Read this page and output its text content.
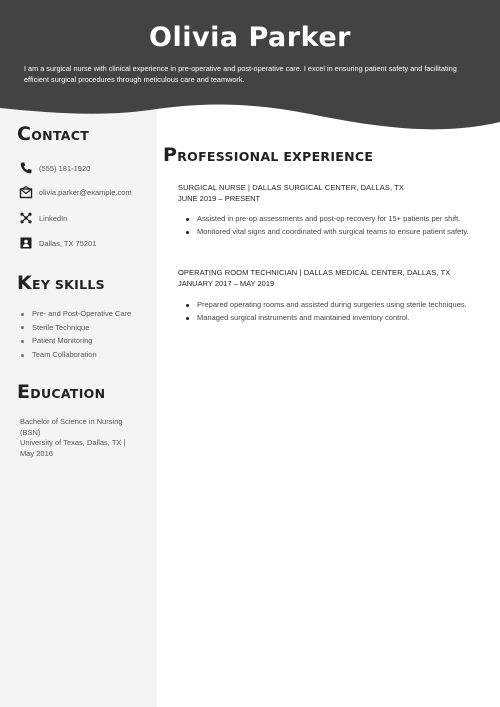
Olivia Parker
I am a surgical nurse with clinical experience in pre-operative and post-operative care. I excel in ensuring patient safety and facilitating efficient surgical procedures through meticulous care and teamwork.
CONTACT
(555) 181-1920
olivia.parker@example.com
LinkedIn
Dallas, TX 75201
KEY SKILLS
Pre- and Post-Operative Care
Sterile Technique
Patient Monitoring
Team Collaboration
EDUCATION
Bachelor of Science in Nursing (BSN)
University of Texas, Dallas, TX |
May 2016
PROFESSIONAL EXPERIENCE
SURGICAL NURSE | DALLAS SURGICAL CENTER, DALLAS, TX
JUNE 2019 – PRESENT
Assisted in pre-op assessments and post-op recovery for 15+ patients per shift.
Monitored vital signs and coordinated with surgical teams to ensure patient safety.
OPERATING ROOM TECHNICIAN | DALLAS MEDICAL CENTER, DALLAS, TX
JANUARY 2017 – MAY 2019
Prepared operating rooms and assisted during surgeries using sterile techniques.
Managed surgical instruments and maintained inventory control.
